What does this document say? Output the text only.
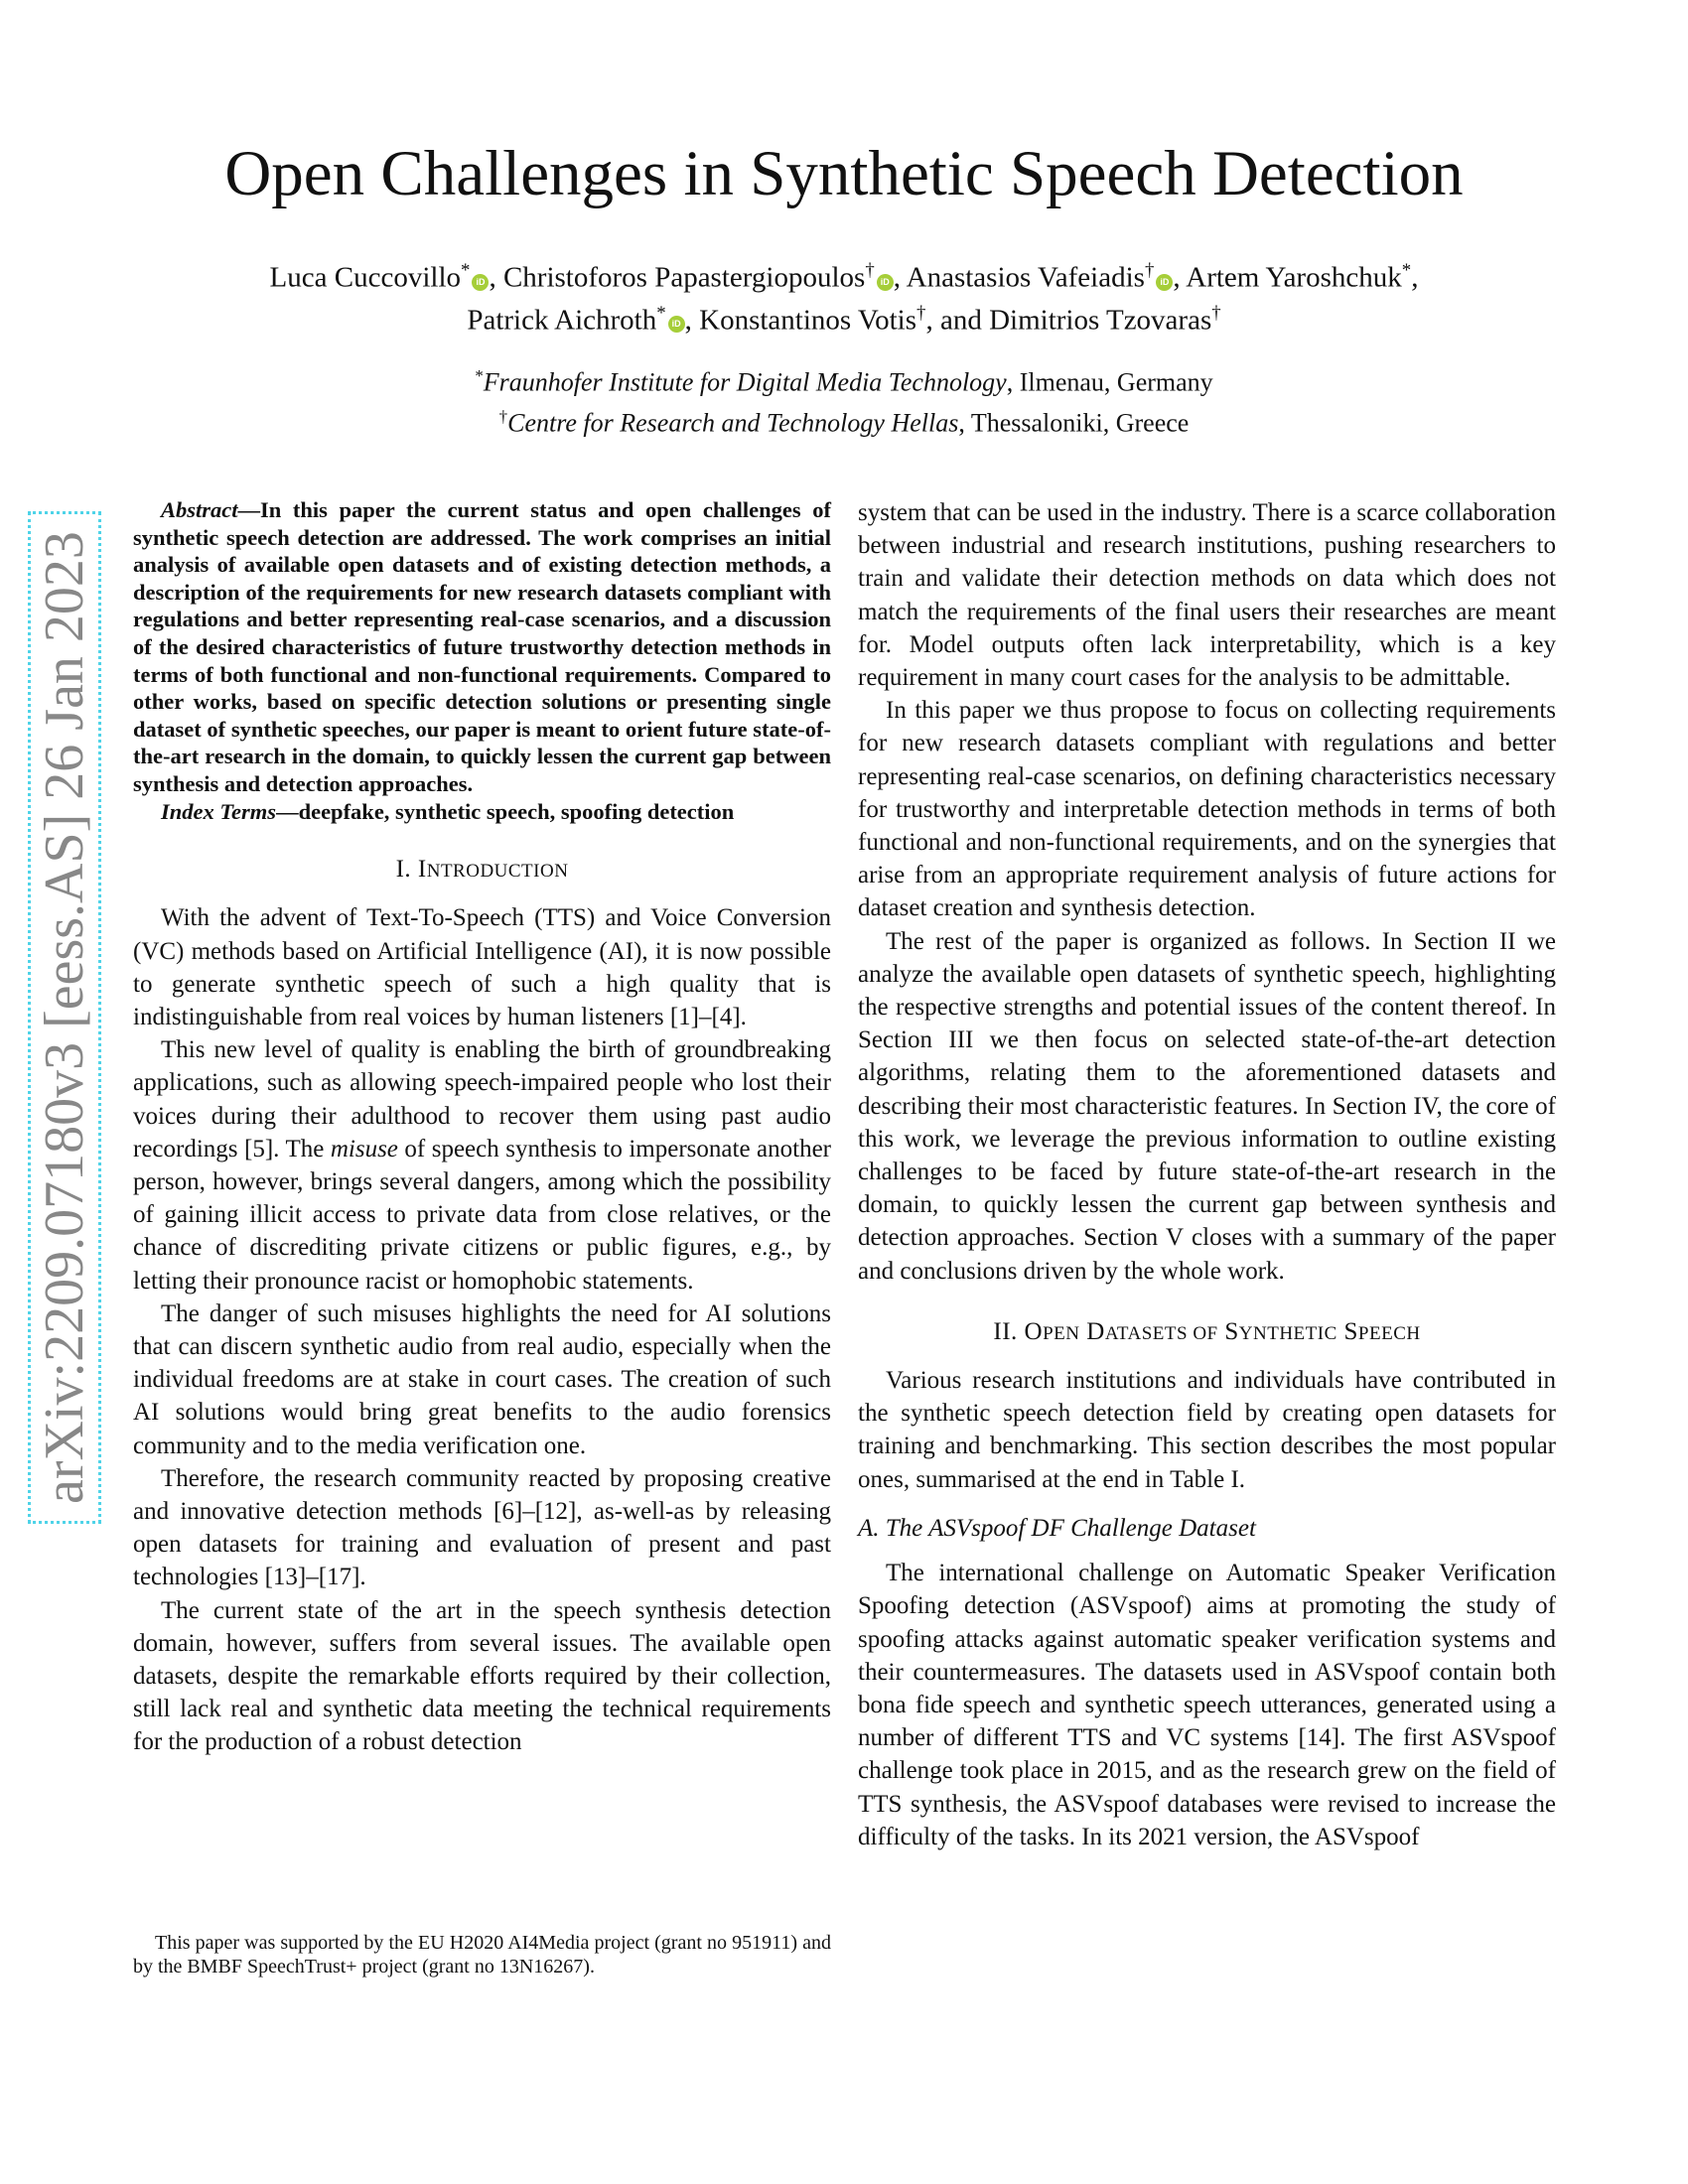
Open Challenges in Synthetic Speech Detection
Luca Cuccovillo*iD , Christoforos Papastergiopoulos†iD , Anastasios Vafeiadis†iD , Artem Yaroshchuk*,
Patrick Aichroth*iD , Konstantinos Votis†, and Dimitrios Tzovaras†
*Fraunhofer Institute for Digital Media Technology, Ilmenau, Germany
†Centre for Research and Technology Hellas, Thessaloniki, Greece
arXiv:2209.07180v3 [eess.AS] 26 Jan 2023

Abstract—In this paper the current status and open challenges of synthetic speech detection are addressed. The work comprises an initial analysis of available open datasets and of existing detection methods, a description of the requirements for new research datasets compliant with regulations and better representing real-case scenarios, and a discussion of the desired characteristics of future trustworthy detection methods in terms of both functional and non-functional requirements. Compared to other works, based on specific detection solutions or presenting single dataset of synthetic speeches, our paper is meant to orient future state-of-the-art research in the domain, to quickly lessen the current gap between synthesis and detection approaches.

Index Terms—deepfake, synthetic speech, spoofing detection

I. INTRODUCTION

With the advent of Text-To-Speech (TTS) and Voice Conversion (VC) methods based on Artificial Intelligence (AI), it is now possible to generate synthetic speech of such a high quality that is indistinguishable from real voices by human listeners [1]–[4].

This new level of quality is enabling the birth of groundbreaking applications, such as allowing speech-impaired people who lost their voices during their adulthood to recover them using past audio recordings [5]. The misuse of speech synthesis to impersonate another person, however, brings several dangers, among which the possibility of gaining illicit access to private data from close relatives, or the chance of discrediting private citizens or public figures, e.g., by letting their pronounce racist or homophobic statements.

The danger of such misuses highlights the need for AI solutions that can discern synthetic audio from real audio, especially when the individual freedoms are at stake in court cases. The creation of such AI solutions would bring great benefits to the audio forensics community and to the media verification one.

Therefore, the research community reacted by proposing creative and innovative detection methods [6]–[12], as-well-as by releasing open datasets for training and evaluation of present and past technologies [13]–[17].

The current state of the art in the speech synthesis detection domain, however, suffers from several issues. The available open datasets, despite the remarkable efforts required by their collection, still lack real and synthetic data meeting the technical requirements for the production of a robust detection

system that can be used in the industry. There is a scarce collaboration between industrial and research institutions, pushing researchers to train and validate their detection methods on data which does not match the requirements of the final users their researches are meant for. Model outputs often lack interpretability, which is a key requirement in many court cases for the analysis to be admittable.

In this paper we thus propose to focus on collecting requirements for new research datasets compliant with regulations and better representing real-case scenarios, on defining characteristics necessary for trustworthy and interpretable detection methods in terms of both functional and non-functional requirements, and on the synergies that arise from an appropriate requirement analysis of future actions for dataset creation and synthesis detection.

The rest of the paper is organized as follows. In Section II we analyze the available open datasets of synthetic speech, highlighting the respective strengths and potential issues of the content thereof. In Section III we then focus on selected state-of-the-art detection algorithms, relating them to the aforementioned datasets and describing their most characteristic features. In Section IV, the core of this work, we leverage the previous information to outline existing challenges to be faced by future state-of-the-art research in the domain, to quickly lessen the current gap between synthesis and detection approaches. Section V closes with a summary of the paper and conclusions driven by the whole work.

II. OPEN DATASETS OF SYNTHETIC SPEECH

Various research institutions and individuals have contributed in the synthetic speech detection field by creating open datasets for training and benchmarking. This section describes the most popular ones, summarised at the end in Table I.

A. The ASVspoof DF Challenge Dataset

The international challenge on Automatic Speaker Verification Spoofing detection (ASVspoof) aims at promoting the study of spoofing attacks against automatic speaker verification systems and their countermeasures. The datasets used in ASVspoof contain both bona fide speech and synthetic speech utterances, generated using a number of different TTS and VC systems [14]. The first ASVspoof challenge took place in 2015, and as the research grew on the field of TTS synthesis, the ASVspoof databases were revised to increase the difficulty of the tasks. In its 2021 version, the ASVspoof

This paper was supported by the EU H2020 AI4Media project (grant no 951911) and by the BMBF SpeechTrust+ project (grant no 13N16267).
